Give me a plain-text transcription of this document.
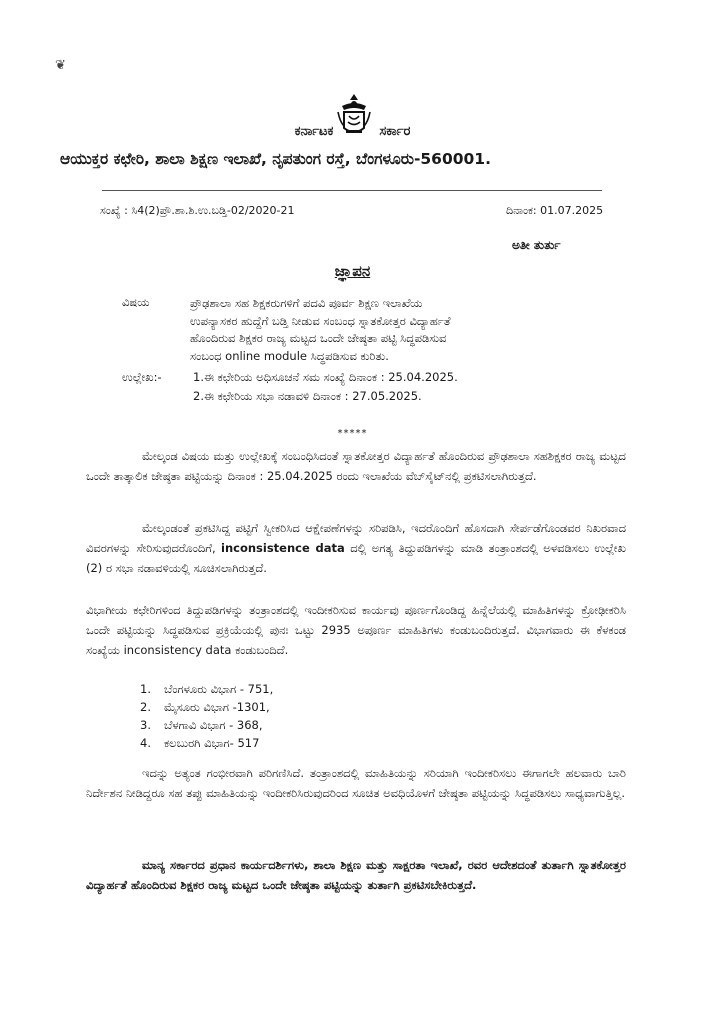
❦
ಕರ್ನಾಟಕ	ಸರ್ಕಾರ
ಆಯುಕ್ತರ ಕಛೇರಿ, ಶಾಲಾ ಶಿಕ್ಷಣ ಇಲಾಖೆ, ನೃಪತುಂಗ ರಸ್ತೆ, ಬೆಂಗಳೂರು-560001.
ಸಂಖ್ಯೆ : ಸಿ4(2)ಪ್ರೌ.ಶಾ.ಶಿ.ಉ.ಬಡ್ತಿ-02/2020-21	ದಿನಾಂಕ: 01.07.2025
ಅತೀ ತುರ್ತು
ಜ್ಞಾಪನ
ವಿಷಯ	ಪ್ರೌಢಶಾಲಾ ಸಹ ಶಿಕ್ಷಕರುಗಳಿಗೆ ಪದವಿ ಪೂರ್ವ ಶಿಕ್ಷಣ ಇಲಾಖೆಯ
ಉಪನ್ಯಾಸಕರ ಹುದ್ದೆಗೆ ಬಡ್ತಿ ನೀಡುವ ಸಂಬಂಧ ಸ್ನಾತಕೋತ್ತರ ವಿದ್ಯಾರ್ಹತೆ
ಹೊಂದಿರುವ ಶಿಕ್ಷಕರ ರಾಜ್ಯ ಮಟ್ಟದ ಒಂದೇ ಜೇಷ್ಠತಾ ಪಟ್ಟಿ ಸಿದ್ಧಪಡಿಸುವ
ಸಂಬಂಧ online module ಸಿದ್ಧಪಡಿಸುವ ಕುರಿತು.
ಉಲ್ಲೇಖ:-	1.ಈ ಕಛೇರಿಯ ಅಧಿಸೂಚನೆ ಸಮ ಸಂಖ್ಯೆ ದಿನಾಂಕ : 25.04.2025.
2.ಈ ಕಛೇರಿಯ ಸಭಾ ನಡಾವಳಿ ದಿನಾಂಕ : 27.05.2025.
*****
ಮೇಲ್ಕಂಡ ವಿಷಯ ಮತ್ತು ಉಲ್ಲೇಖಕ್ಕೆ ಸಂಬಂಧಿಸಿದಂತೆ ಸ್ನಾತಕೋತ್ತರ ವಿದ್ಯಾರ್ಹತೆ ಹೊಂದಿರುವ ಪ್ರೌಢಶಾಲಾ ಸಹಶಿಕ್ಷಕರ ರಾಜ್ಯ ಮಟ್ಟದ ಒಂದೇ ತಾತ್ಕಾಲಿಕ ಜೇಷ್ಠತಾ ಪಟ್ಟಿಯನ್ನು ದಿನಾಂಕ : 25.04.2025 ರಂದು ಇಲಾಖೆಯ ವೆಬ್‌ಸೈಟ್‌ನಲ್ಲಿ ಪ್ರಕಟಿಸಲಾಗಿರುತ್ತದೆ.
ಮೇಲ್ಕಂಡಂತೆ ಪ್ರಕಟಿಸಿದ್ದ ಪಟ್ಟಿಗೆ ಸ್ವೀಕರಿಸಿದ ಆಕ್ಷೇಪಣೆಗಳನ್ನು ಸರಿಪಡಿಸಿ, ಇದರೊಂದಿಗೆ ಹೊಸದಾಗಿ ಸೇರ್ಪಡೆಗೊಂಡವರ ನಿಖರವಾದ ವಿವರಗಳನ್ನು ಸೇರಿಸುವುದರೊಂದಿಗೆ, inconsistence data ದಲ್ಲಿ ಅಗತ್ಯ ತಿದ್ದುಪಡಿಗಳನ್ನು ಮಾಡಿ ತಂತ್ರಾಂಶದಲ್ಲಿ ಅಳವಡಿಸಲು ಉಲ್ಲೇಖ (2) ರ ಸಭಾ ನಡಾವಳಿಯಲ್ಲಿ ಸೂಚಿಸಲಾಗಿರುತ್ತದೆ.
ವಿಭಾಗೀಯ ಕಛೇರಿಗಳಿಂದ ತಿದ್ದುಪಡಿಗಳನ್ನು ತಂತ್ರಾಂಶದಲ್ಲಿ ಇಂದೀಕರಿಸುವ ಕಾರ್ಯವು ಪೂರ್ಣಗೊಂಡಿದ್ದ ಹಿನ್ನೆಲೆಯಲ್ಲಿ ಮಾಹಿತಿಗಳನ್ನು ಕ್ರೋಢೀಕರಿಸಿ ಒಂದೇ ಪಟ್ಟಿಯನ್ನು ಸಿದ್ಧಪಡಿಸುವ ಪ್ರಕ್ರಿಯೆಯಲ್ಲಿ ಪುನಃ ಒಟ್ಟು 2935 ಅಪೂರ್ಣ ಮಾಹಿತಿಗಳು ಕಂಡುಬಂದಿರುತ್ತದೆ. ವಿಭಾಗವಾರು ಈ ಕೆಳಕಂಡ ಸಂಖ್ಯೆಯ inconsistency data ಕಂಡುಬಂದಿದೆ.
1. ಬೆಂಗಳೂರು ವಿಭಾಗ - 751,
2. ಮೈಸೂರು ವಿಭಾಗ -1301,
3. ಬೆಳಗಾವಿ ವಿಭಾಗ - 368,
4. ಕಲಬುರಗಿ ವಿಭಾಗ- 517
ಇದನ್ನು ಅತ್ಯಂತ ಗಂಭೀರವಾಗಿ ಪರಿಗಣಿಸಿದೆ. ತಂತ್ರಾಂಶದಲ್ಲಿ ಮಾಹಿತಿಯನ್ನು ಸರಿಯಾಗಿ ಇಂದೀಕರಿಸಲು ಈಗಾಗಲೇ ಹಲವಾರು ಬಾರಿ ನಿರ್ದೇಶನ ನೀಡಿದ್ದರೂ ಸಹ ತಪ್ಪು ಮಾಹಿತಿಯನ್ನು ಇಂದೀಕರಿಸಿರುವುದರಿಂದ ಸೂಚಿತ ಅವಧಿಯೊಳಗೆ ಜೇಷ್ಠತಾ ಪಟ್ಟಿಯನ್ನು ಸಿದ್ಧಪಡಿಸಲು ಸಾಧ್ಯವಾಗುತ್ತಿಲ್ಲ.
ಮಾನ್ಯ ಸರ್ಕಾರದ ಪ್ರಧಾನ ಕಾರ್ಯದರ್ಶಿಗಳು, ಶಾಲಾ ಶಿಕ್ಷಣ ಮತ್ತು ಸಾಕ್ಷರತಾ ಇಲಾಖೆ, ರವರ ಆದೇಶದಂತೆ ತುರ್ತಾಗಿ ಸ್ನಾತಕೋತ್ತರ ವಿದ್ಯಾರ್ಹತೆ ಹೊಂದಿರುವ ಶಿಕ್ಷಕರ ರಾಜ್ಯ ಮಟ್ಟದ ಒಂದೇ ಜೇಷ್ಠತಾ ಪಟ್ಟಿಯನ್ನು ತುರ್ತಾಗಿ ಪ್ರಕಟಿಸಬೇಕಿರುತ್ತದೆ.
